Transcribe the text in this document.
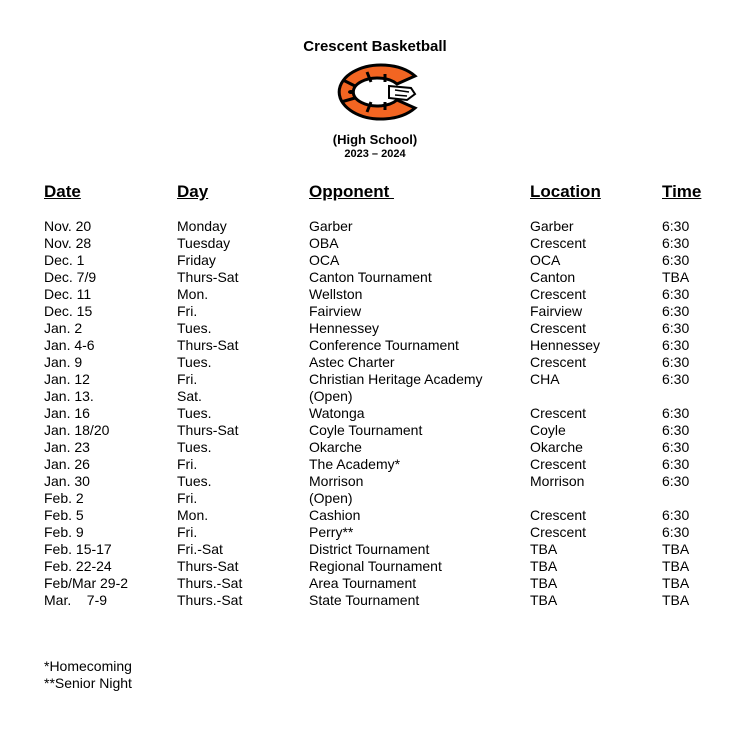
Crescent Basketball
(High School)
2023 – 2024
Date	Day	Opponent	Location	Time
Nov. 20	Monday	Garber	Garber	6:30
Nov. 28	Tuesday	OBA	Crescent	6:30
Dec. 1	Friday	OCA	OCA	6:30
Dec. 7/9	Thurs-Sat	Canton Tournament	Canton	TBA
Dec. 11	Mon.	Wellston	Crescent	6:30
Dec. 15	Fri.	Fairview	Fairview	6:30
Jan. 2	Tues.	Hennessey	Crescent	6:30
Jan. 4-6	Thurs-Sat	Conference Tournament	Hennessey	6:30
Jan. 9	Tues.	Astec Charter	Crescent	6:30
Jan. 12	Fri.	Christian Heritage Academy	CHA	6:30
Jan. 13.	Sat.	(Open)
Jan. 16	Tues.	Watonga	Crescent	6:30
Jan. 18/20	Thurs-Sat	Coyle Tournament	Coyle	6:30
Jan. 23	Tues.	Okarche	Okarche	6:30
Jan. 26	Fri.	The Academy*	Crescent	6:30
Jan. 30	Tues.	Morrison	Morrison	6:30
Feb. 2	Fri.	(Open)
Feb. 5	Mon.	Cashion	Crescent	6:30
Feb. 9	Fri.	Perry**	Crescent	6:30
Feb. 15-17	Fri.-Sat	District Tournament	TBA	TBA
Feb. 22-24	Thurs-Sat	Regional Tournament	TBA	TBA
Feb/Mar 29-2	Thurs.-Sat	Area Tournament	TBA	TBA
Mar.    7-9	Thurs.-Sat	State Tournament	TBA	TBA
*Homecoming
**Senior Night
